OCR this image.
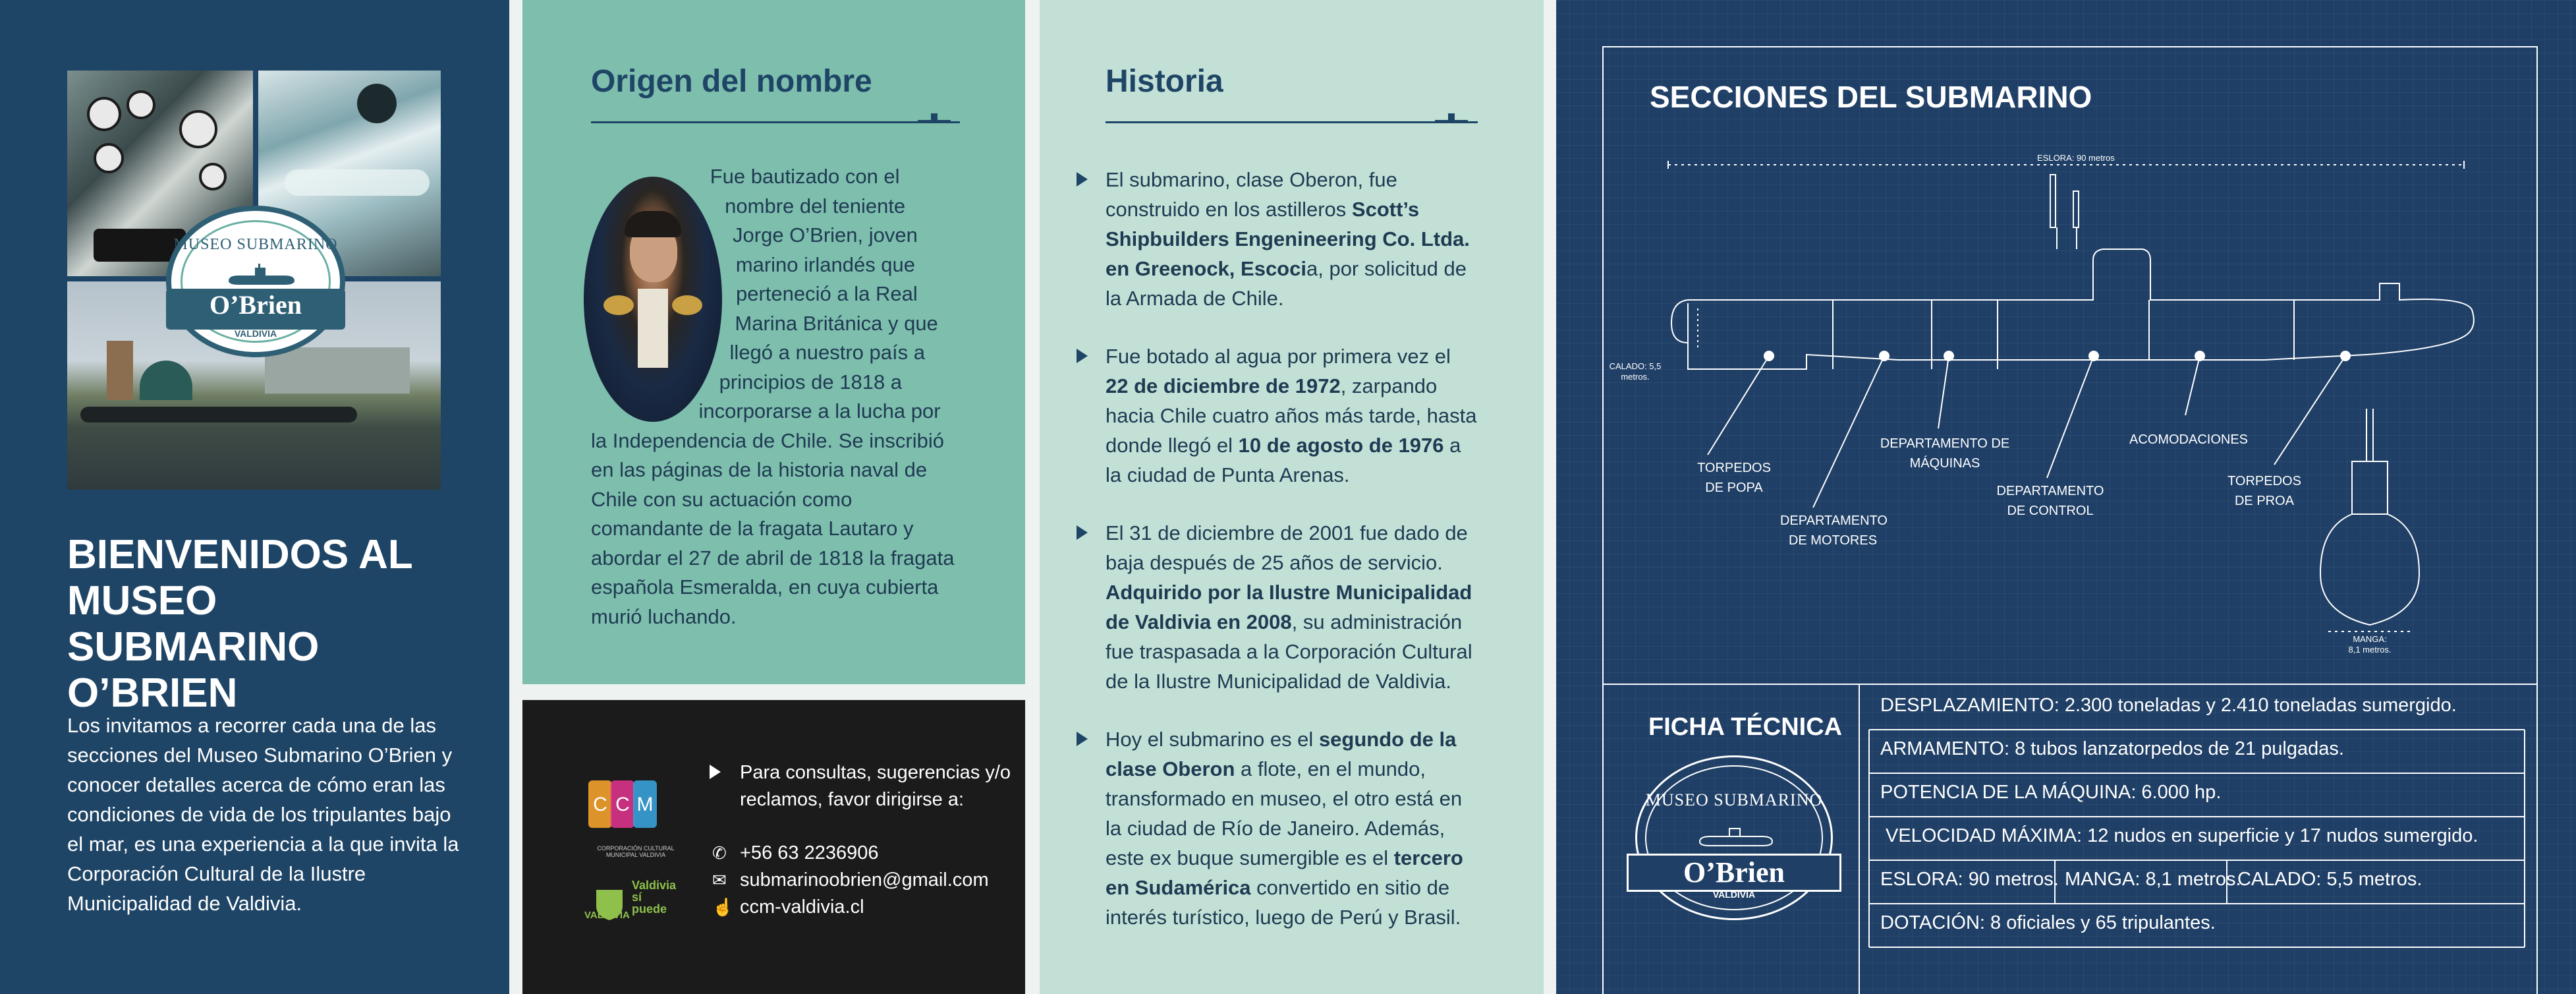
MUSEO SUBMARINO
O’Brien
VALDIVIA
BIENVENIDOS AL MUSEO SUBMARINO O’BRIEN
Los invitamos a recorrer cada una de las secciones del Museo Submarino O’Brien y conocer detalles acerca de cómo eran las condiciones de vida de los tripulantes bajo el mar, es una experiencia a la que invita la Corporación Cultural de la Ilustre Municipalidad de Valdivia.
Origen del nombre
Fue bautizado con el nombre del teniente Jorge O’Brien, joven marino irlandés que perteneció a la Real Marina Británica y que llegó a nuestro país a principios de 1818 a incorporarse a la lucha por la Independencia de Chile. Se inscribió en las páginas de la historia naval de Chile con su actuación como comandante de la fragata Lautaro y abordar el 27 de abril de 1818 la fragata española Esmeralda, en cuya cubierta murió luchando.
C C M
CORPORACIÓN CULTURAL MUNICIPAL VALDIVIA
VALDIVIA
Valdivia sí puede
Para consultas, sugerencias y/o reclamos, favor dirigirse a:
✆ +56 63 2236906
✉ submarinoobrien@gmail.com
☝ ccm-valdivia.cl
Historia
El submarino, clase Oberon, fue construido en los astilleros Scott’s Shipbuilders Engenineering Co. Ltda. en Greenock, Escocia, por solicitud de la Armada de Chile.
Fue botado al agua por primera vez el 22 de diciembre de 1972, zarpando hacia Chile cuatro años más tarde, hasta donde llegó el 10 de agosto de 1976 a la ciudad de Punta Arenas.
El 31 de diciembre de 2001 fue dado de baja después de 25 años de servicio. Adquirido por la Ilustre Municipalidad de Valdivia en 2008, su administración fue traspasada a la Corporación Cultural de la Ilustre Municipalidad de Valdivia.
Hoy el submarino es el segundo de la clase Oberon a flote, en el mundo, transformado en museo, el otro está en la ciudad de Río de Janeiro. Además, este ex buque sumergible es el tercero en Sudamérica convertido en sitio de interés turístico, luego de Perú y Brasil.
SECCIONES DEL SUBMARINO
ESLORA: 90 metros
CALADO: 5,5 metros.
MANGA: 8,1 metros.
TORPEDOS DE POPA
DEPARTAMENTO DE MOTORES
DEPARTAMENTO DE MÁQUINAS
DEPARTAMENTO DE CONTROL
ACOMODACIONES
TORPEDOS DE PROA
FICHA TÉCNICA
MUSEO SUBMARINO
O’Brien
VALDIVIA
DESPLAZAMIENTO: 2.300 toneladas y 2.410 toneladas sumergido.
ARMAMENTO: 8 tubos lanzatorpedos de 21 pulgadas.
POTENCIA DE LA MÁQUINA: 6.000 hp.
VELOCIDAD MÁXIMA: 12 nudos en superficie y 17 nudos sumergido.
ESLORA: 90 metros. MANGA: 8,1 metros.
CALADO: 5,5 metros.
DOTACIÓN: 8 oficiales y 65 tripulantes.
